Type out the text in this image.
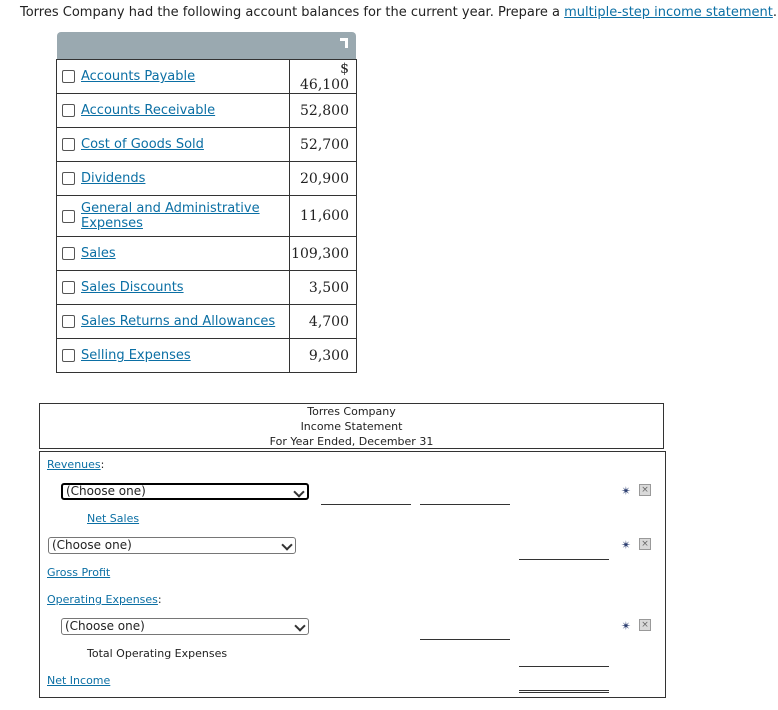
Torres Company had the following account balances for the current year. Prepare a multiple-step income statement.
	Accounts Payable	$ 46,100
	Accounts Receivable	52,800
	Cost of Goods Sold	52,700
	Dividends	20,900
	General and Administrative Expenses	11,600
	Sales	109,300
	Sales Discounts	3,500
	Sales Returns and Allowances	4,700
	Selling Expenses	9,300
Torres Company
Income Statement
For Year Ended, December 31
Revenues:
(Choose one)	✴ ×
Net Sales
(Choose one)	✴ ×
Gross Profit
Operating Expenses:
(Choose one)	✴ ×
Total Operating Expenses
Net Income
